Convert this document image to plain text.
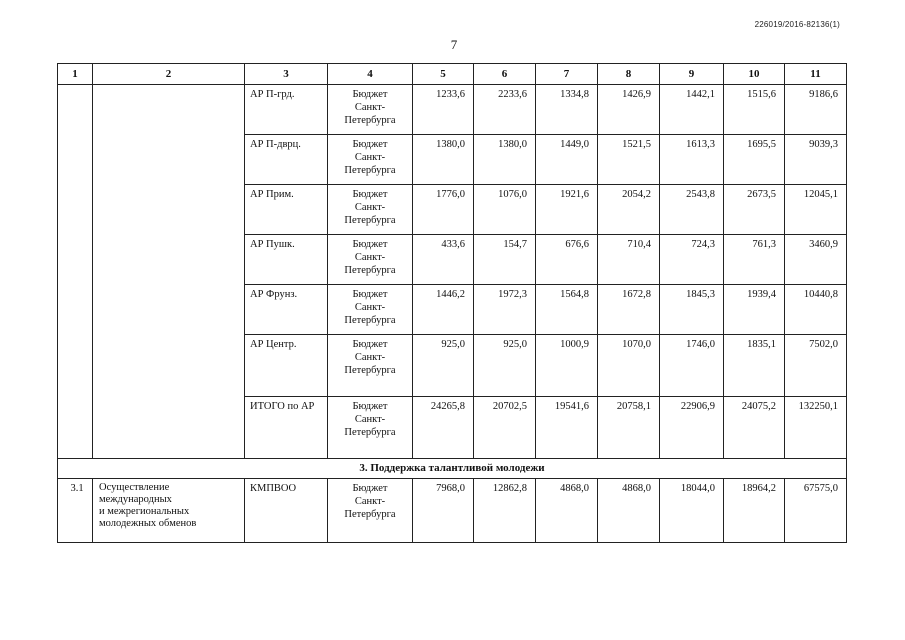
226019/2016-82136(1)
7
1	2	3	4	5	6	7	8	9	10	11
		АР П-грд.	Бюджет
Санкт-
Петербурга	1233,6	2233,6	1334,8	1426,9	1442,1	1515,6	9186,6
		АР П-дврц.	Бюджет
Санкт-
Петербурга	1380,0	1380,0	1449,0	1521,5	1613,3	1695,5	9039,3
		АР Прим.	Бюджет
Санкт-
Петербурга	1776,0	1076,0	1921,6	2054,2	2543,8	2673,5	12045,1
		АР Пушк.	Бюджет
Санкт-
Петербурга	433,6	154,7	676,6	710,4	724,3	761,3	3460,9
		АР Фрунз.	Бюджет
Санкт-
Петербурга	1446,2	1972,3	1564,8	1672,8	1845,3	1939,4	10440,8
		АР Центр.	Бюджет
Санкт-
Петербурга	925,0	925,0	1000,9	1070,0	1746,0	1835,1	7502,0
		ИТОГО по АР	Бюджет
Санкт-
Петербурга	24265,8	20702,5	19541,6	20758,1	22906,9	24075,2	132250,1
3. Поддержка талантливой молодежи										
3.1	Осуществление
международных
и межрегиональных
молодежных обменов	КМПВОО	Бюджет
Санкт-
Петербурга	7968,0	12862,8	4868,0	4868,0	18044,0	18964,2	67575,0
